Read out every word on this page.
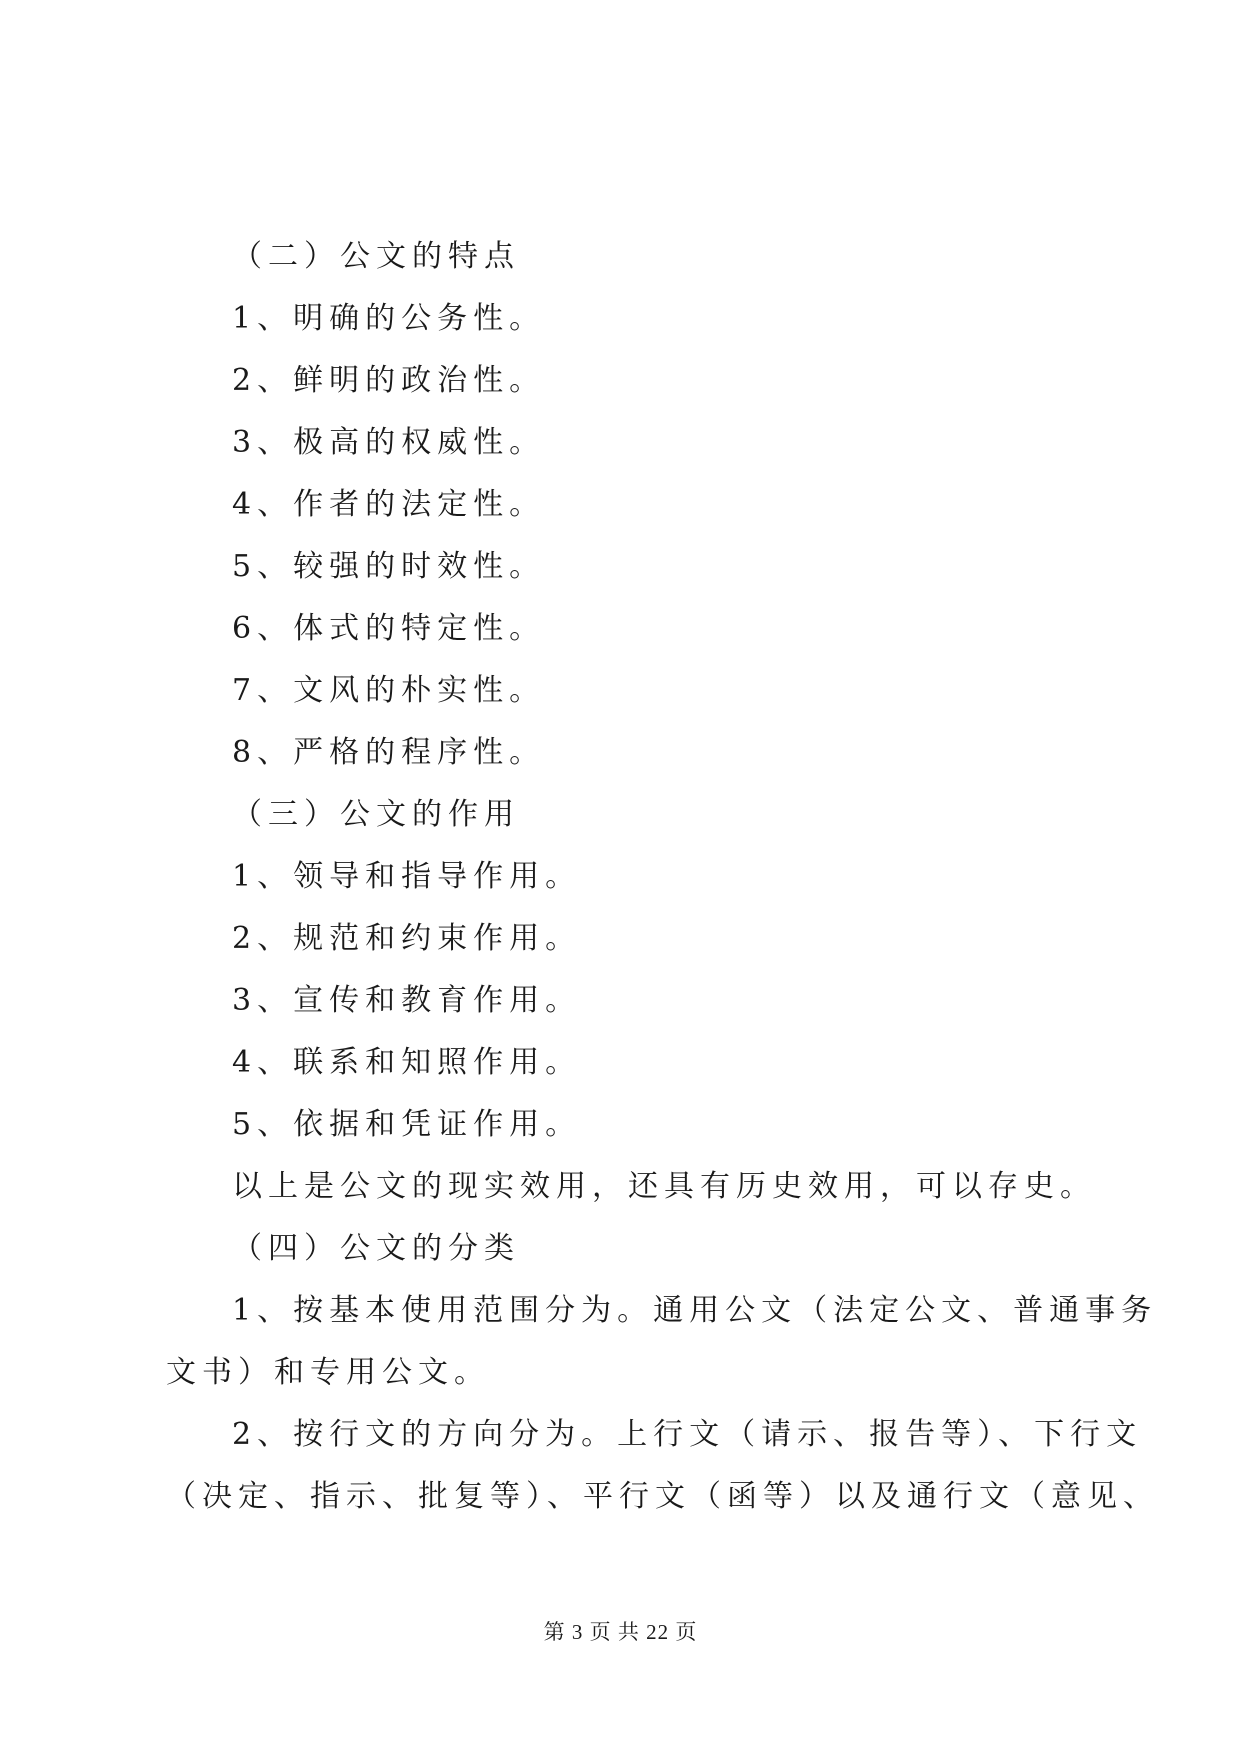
（二）公文的特点
1、明确的公务性。
2、鲜明的政治性。
3、极高的权威性。
4、作者的法定性。
5、较强的时效性。
6、体式的特定性。
7、文风的朴实性。
8、严格的程序性。
（三）公文的作用
1、领导和指导作用。
2、规范和约束作用。
3、宣传和教育作用。
4、联系和知照作用。
5、依据和凭证作用。
以上是公文的现实效用，还具有历史效用，可以存史。
（四）公文的分类
1、按基本使用范围分为。通用公文（法定公文、普通事务
文书）和专用公文。
2、按行文的方向分为。上行文（请示、报告等）、下行文
（决定、指示、批复等）、平行文（函等）以及通行文（意见、
第 3 页 共 22 页
